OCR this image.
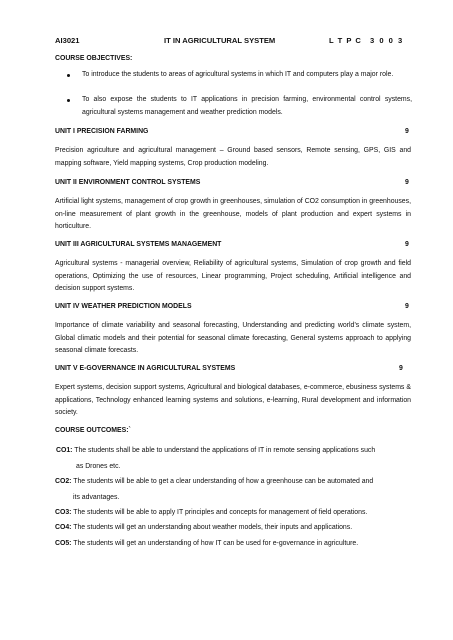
AI3021	IT IN AGRICULTURAL SYSTEM	L T P C 3 0 0 3
COURSE OBJECTIVES:
To introduce the students to areas of agricultural systems in which IT and computers play a major role.
To also expose the students to IT applications in precision farming, environmental control systems, agricultural systems management and weather prediction models.
UNIT I PRECISION FARMING	9
Precision agriculture and agricultural management – Ground based sensors, Remote sensing, GPS, GIS and mapping software, Yield mapping systems, Crop production modeling.
UNIT II ENVIRONMENT CONTROL SYSTEMS	9
Artificial light systems, management of crop growth in greenhouses, simulation of CO2 consumption in greenhouses, on-line measurement of plant growth in the greenhouse, models of plant production and expert systems in horticulture.
UNIT III AGRICULTURAL SYSTEMS MANAGEMENT	9
Agricultural systems - managerial overview, Reliability of agricultural systems, Simulation of crop growth and field operations, Optimizing the use of resources, Linear programming, Project scheduling, Artificial intelligence and decision support systems.
UNIT IV WEATHER PREDICTION MODELS	9
Importance of climate variability and seasonal forecasting, Understanding and predicting world’s climate system, Global climatic models and their potential for seasonal climate forecasting, General systems approach to applying seasonal climate forecasts.
UNIT V E-GOVERNANCE IN AGRICULTURAL SYSTEMS	9
Expert systems, decision support systems, Agricultural and biological databases, e-commerce, ebusiness systems & applications, Technology enhanced learning systems and solutions, e-learning, Rural development and information society.
COURSE OUTCOMES:`
CO1: The students shall be able to understand the applications of IT in remote sensing applications such
as Drones etc.
CO2: The students will be able to get a clear understanding of how a greenhouse can be automated and
its advantages.
CO3: The students will be able to apply IT principles and concepts for management of field operations.
CO4: The students will get an understanding about weather models, their inputs and applications.
CO5: The students will get an understanding of how IT can be used for e-governance in agriculture.
